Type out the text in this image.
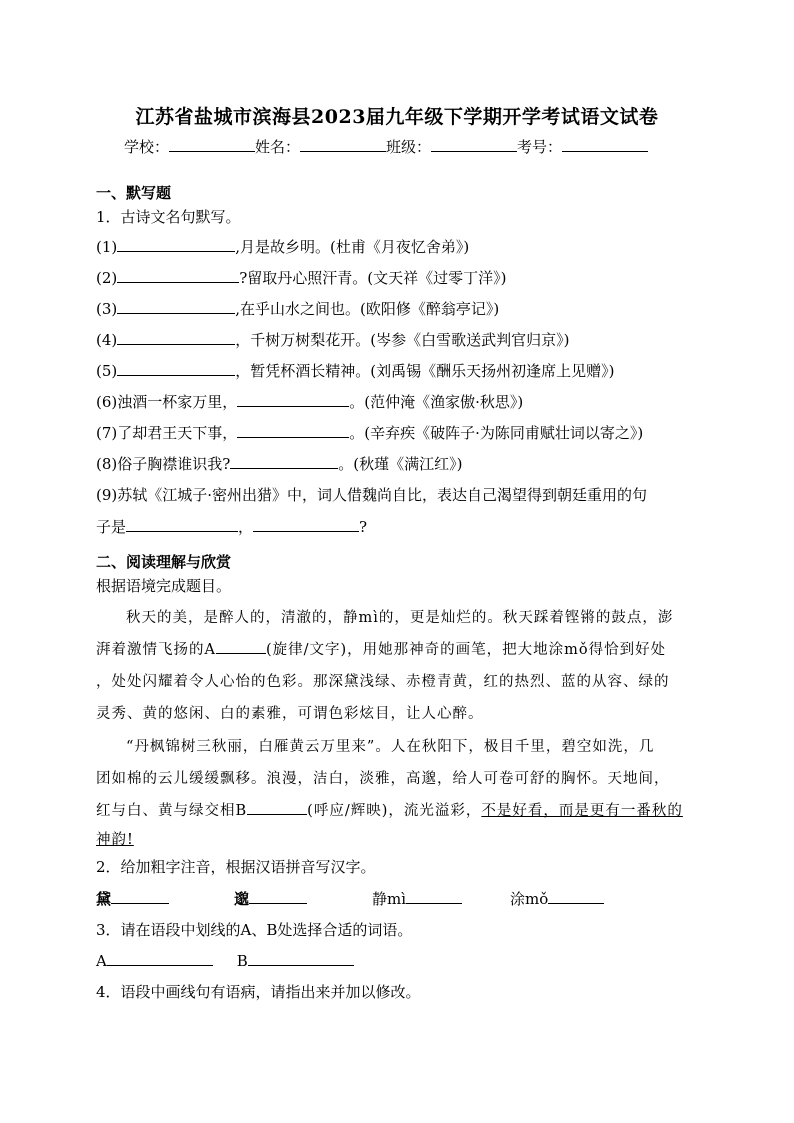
江苏省盐城市滨海县2023届九年级下学期开学考试语文试卷
学校：	姓名：	班级：	考号：
一、默写题
1．古诗文名句默写。
(1)	,月是故乡明。(杜甫《月夜忆舍弟》)
(2)	?留取丹心照汗青。(文天祥《过零丁洋》)
(3)	,在乎山水之间也。(欧阳修《醉翁亭记》)
(4)	，千树万树梨花开。(岑参《白雪歌送武判官归京》)
(5)	，暂凭杯酒长精神。(刘禹锡《酬乐天扬州初逢席上见赠》)
(6)浊酒一杯家万里，	。(范仲淹《渔家傲·秋思》)
(7)了却君王天下事，	。(辛弃疾《破阵子·为陈同甫赋壮词以寄之》)
(8)俗子胸襟谁识我?	。(秋瑾《满江红》)
(9)苏轼《江城子·密州出猎》中，词人借魏尚自比，表达自己渴望得到朝廷重用的句
子是	，	?
二、阅读理解与欣赏
根据语境完成题目。
秋天的美，是醉人的，清澈的，静mì的，更是灿烂的。秋天踩着铿锵的鼓点，澎
湃着激情飞扬的A	(旋律/文字)，用她那神奇的画笔，把大地涂mǒ得恰到好处
，处处闪耀着令人心怡的色彩。那深黛浅绿、赤橙青黄，红的热烈、蓝的从容、绿的
灵秀、黄的悠闲、白的素雅，可谓色彩炫目，让人心醉。
“丹枫锦树三秋丽，白雁黄云万里来”。人在秋阳下，极目千里，碧空如洗，几
团如棉的云儿缓缓飘移。浪漫，洁白，淡雅，高邈，给人可卷可舒的胸怀。天地间，
红与白、黄与绿交相B	(呼应/辉映)，流光溢彩，不是好看，而是更有一番秋的
神韵!
2．给加粗字注音，根据汉语拼音写汉字。
黛	邈	静mì	涂mǒ
3．请在语段中划线的A、B处选择合适的词语。
A	B
4．语段中画线句有语病，请指出来并加以修改。
